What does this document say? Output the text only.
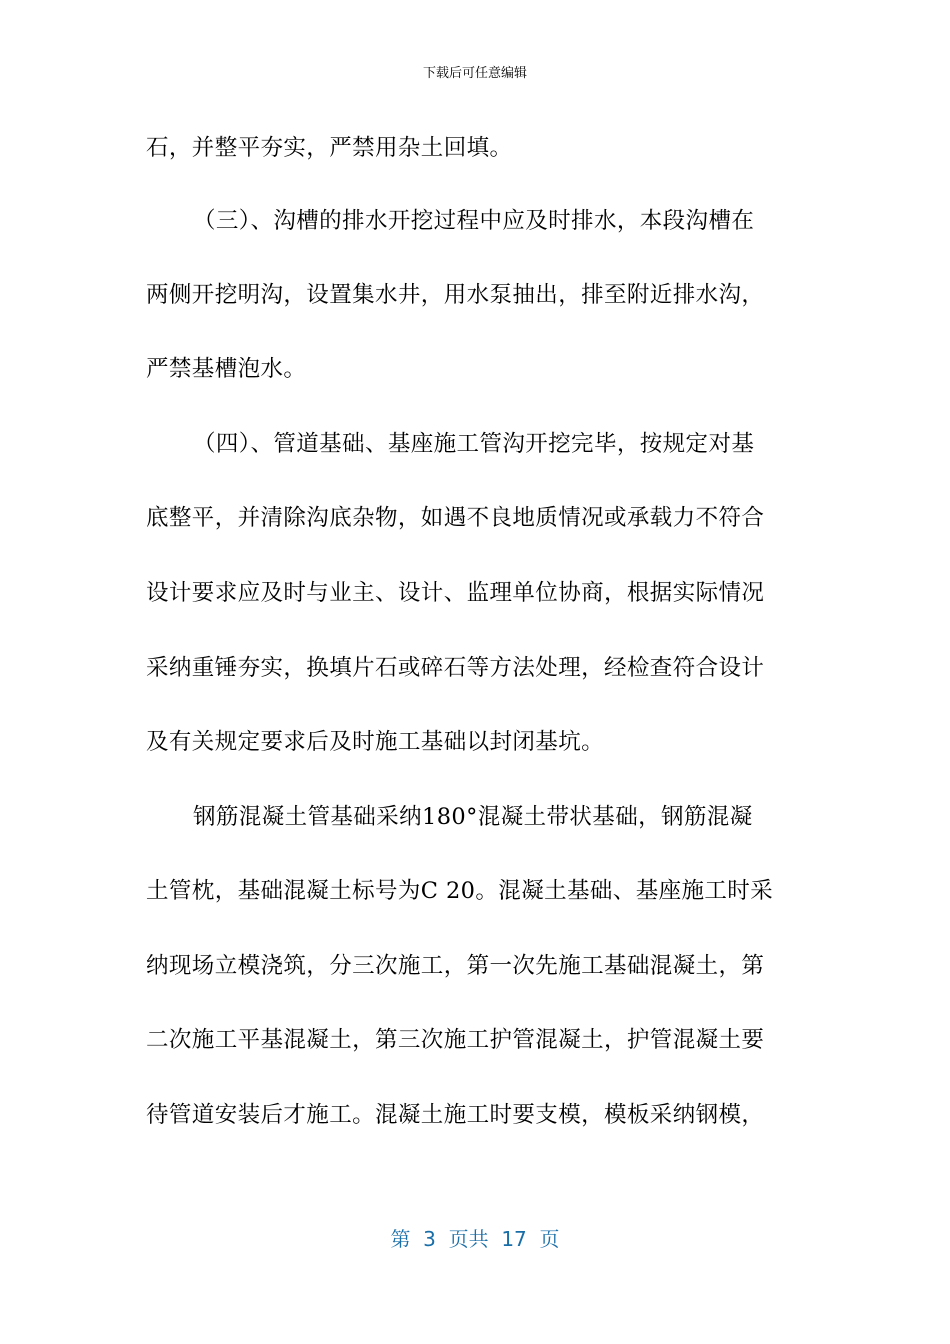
下载后可任意编辑
石，并整平夯实，严禁用杂土回填。
（三）、沟槽的排水开挖过程中应及时排水，本段沟槽在
两侧开挖明沟，设置集水井，用水泵抽出，排至附近排水沟，
严禁基槽泡水。
（四）、管道基础、基座施工管沟开挖完毕，按规定对基
底整平，并清除沟底杂物，如遇不良地质情况或承载力不符合
设计要求应及时与业主、设计、监理单位协商，根据实际情况
采纳重锤夯实，换填片石或碎石等方法处理，经检查符合设计
及有关规定要求后及时施工基础以封闭基坑。
钢筋混凝土管基础采纳180°混凝土带状基础，钢筋混凝
土管枕，基础混凝土标号为C 20。混凝土基础、基座施工时采
纳现场立模浇筑，分三次施工，第一次先施工基础混凝土，第
二次施工平基混凝土，第三次施工护管混凝土，护管混凝土要
待管道安装后才施工。混凝土施工时要支模，模板采纳钢模，
第  3  页共  17  页
